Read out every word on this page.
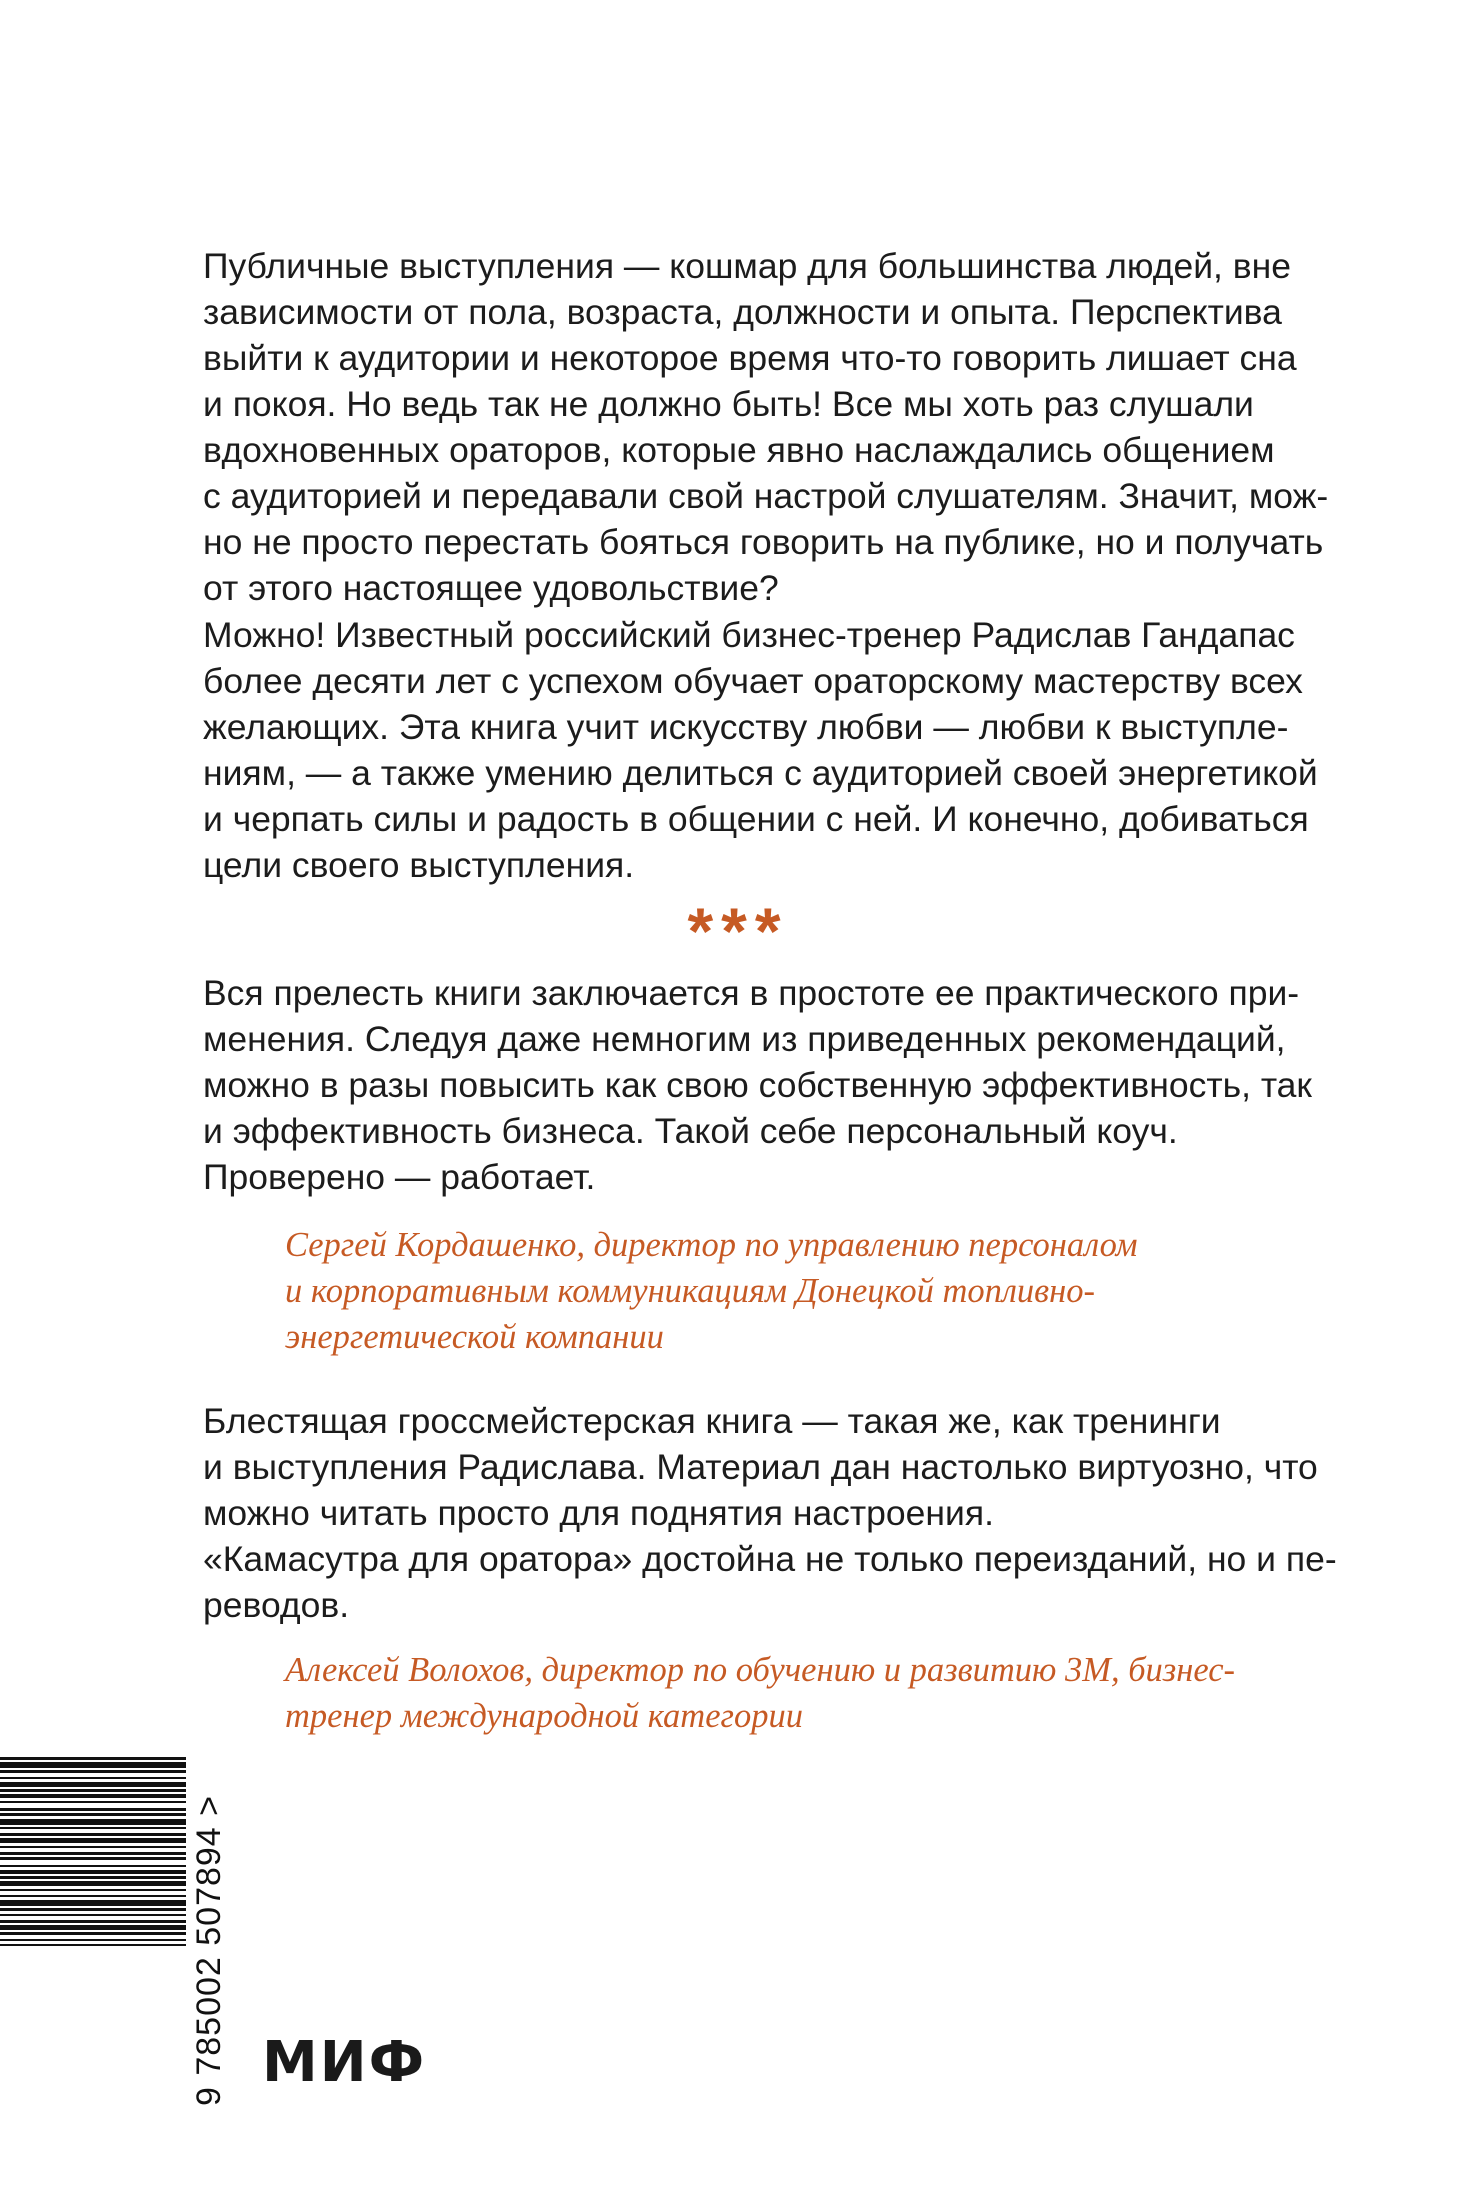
Публичные выступления — кошмар для большинства людей, вне
зависимости от пола, возраста, должности и опыта. Перспектива
выйти к аудитории и некоторое время что-то говорить лишает сна
и покоя. Но ведь так не должно быть! Все мы хоть раз слушали
вдохновенных ораторов, которые явно наслаждались общением
с аудиторией и передавали свой настрой слушателям. Значит, мож-
но не просто перестать бояться говорить на публике, но и получать
от этого настоящее удовольствие?
Можно! Известный российский бизнес-тренер Радислав Гандапас
более десяти лет с успехом обучает ораторскому мастерству всех
желающих. Эта книга учит искусству любви — любви к выступле-
ниям, — а также умению делиться с аудиторией своей энергетикой
и черпать силы и радость в общении с ней. И конечно, добиваться
цели своего выступления.
***
Вся прелесть книги заключается в простоте ее практического при-
менения. Следуя даже немногим из приведенных рекомендаций,
можно в разы повысить как свою собственную эффективность, так
и эффективность бизнеса. Такой себе персональный коуч.
Проверено — работает.
Сергей Кордашенко, директор по управлению персоналом
и корпоративным коммуникациям Донецкой топливно-
энергетической компании
Блестящая гроссмейстерская книга — такая же, как тренинги
и выступления Радислава. Материал дан настолько виртуозно, что
можно читать просто для поднятия настроения.
«Камасутра для оратора» достойна не только переизданий, но и пе-
реводов.
Алексей Волохов, директор по обучению и развитию 3M, бизнес-
тренер международной категории
9 785002 507894 > МИФ
